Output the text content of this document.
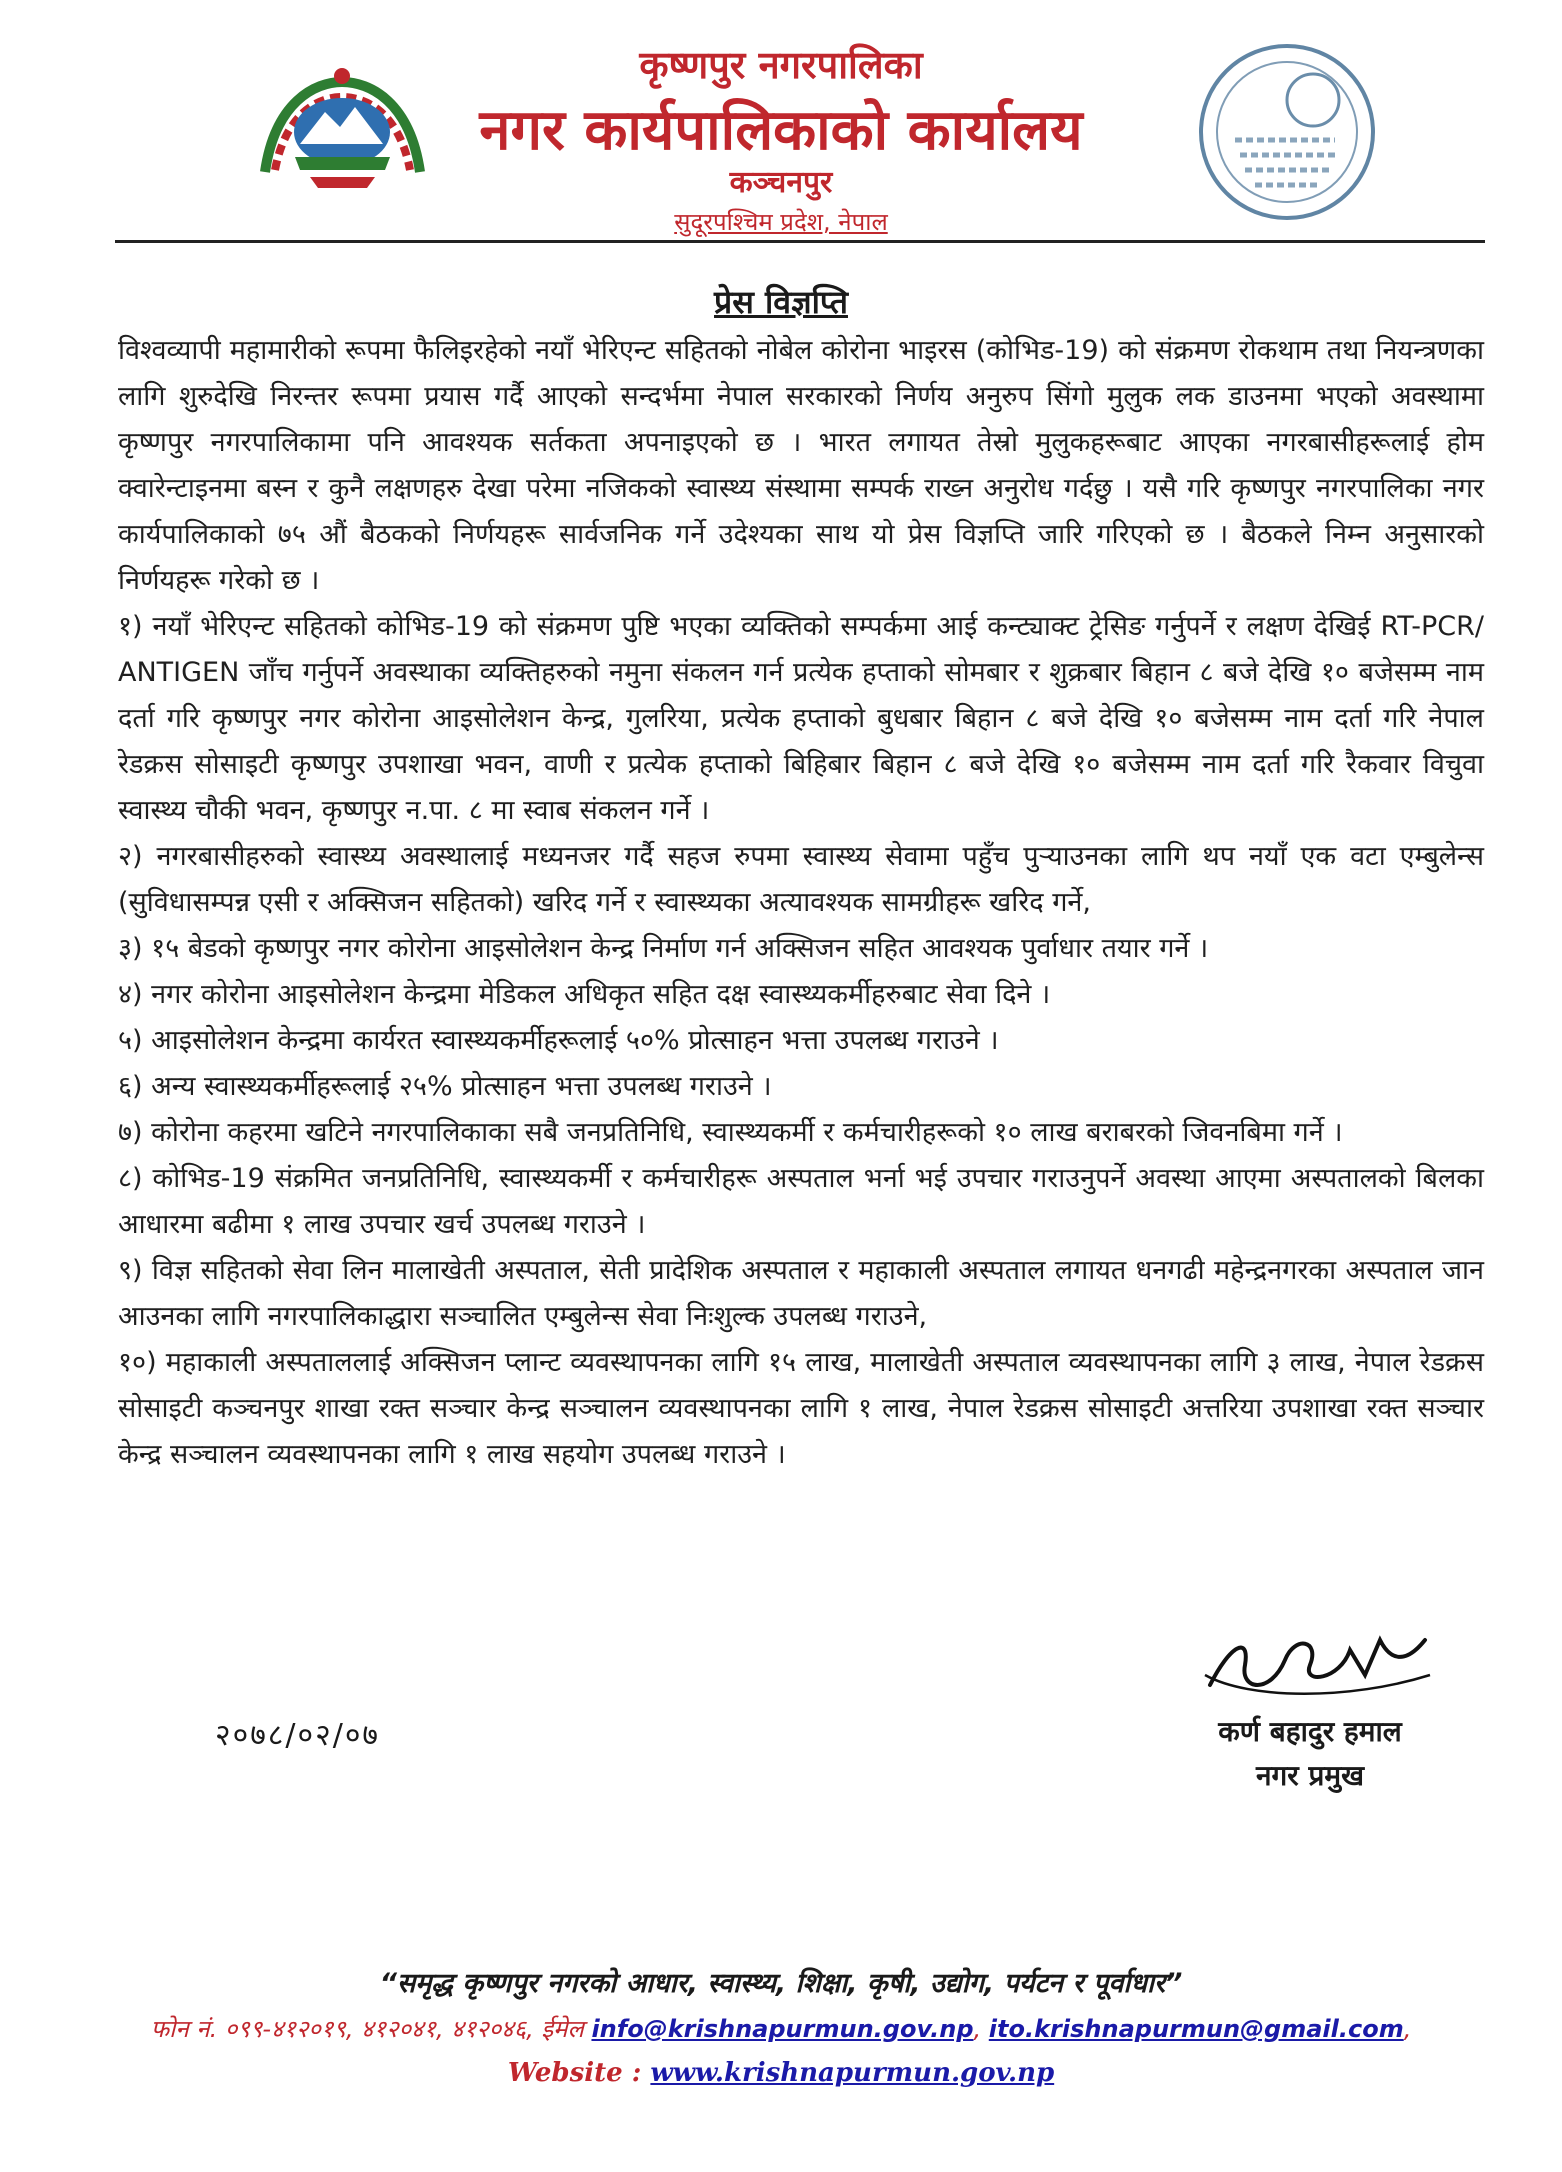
कृष्णपुर नगरपालिका
नगर कार्यपालिकाको कार्यालय
कञ्चनपुर
सुदूरपश्चिम प्रदेश, नेपाल
प्रेस विज्ञप्ति

विश्वव्यापी महामारीको रूपमा फैलिइरहेको नयाँ भेरिएन्ट सहितको नोबेल कोरोना भाइरस (कोभिड-19) को संक्रमण रोकथाम तथा नियन्त्रणका लागि शुरुदेखि निरन्तर रूपमा प्रयास गर्दै आएको सन्दर्भमा नेपाल सरकारको निर्णय अनुरुप सिंगो मुलुक लक डाउनमा भएको अवस्थामा कृष्णपुर नगरपालिकामा पनि आवश्यक सर्तकता अपनाइएको छ । भारत लगायत तेस्रो मुलुकहरूबाट आएका नगरबासीहरूलाई होम क्वारेन्टाइनमा बस्न र कुनै लक्षणहरु देखा परेमा नजिकको स्वास्थ्य संस्थामा सम्पर्क राख्न अनुरोध गर्दछु । यसै गरि कृष्णपुर नगरपालिका नगर कार्यपालिकाको ७५ औं बैठकको निर्णयहरू सार्वजनिक गर्ने उदेश्यका साथ यो प्रेस विज्ञप्ति जारि गरिएको छ । बैठकले निम्न अनुसारको निर्णयहरू गरेको छ ।

१) नयाँ भेरिएन्ट सहितको कोभिड-19 को संक्रमण पुष्टि भएका व्यक्तिको सम्पर्कमा आई कन्ट्याक्ट ट्रेसिङ गर्नुपर्ने र लक्षण देखिई RT-PCR/ ANTIGEN जाँच गर्नुपर्ने अवस्थाका व्यक्तिहरुको नमुना संकलन गर्न प्रत्येक हप्ताको सोमबार र शुक्रबार बिहान ८ बजे देखि १० बजेसम्म नाम दर्ता गरि कृष्णपुर नगर कोरोना आइसोलेशन केन्द्र, गुलरिया, प्रत्येक हप्ताको बुधबार बिहान ८ बजे देखि १० बजेसम्म नाम दर्ता गरि नेपाल रेडक्रस सोसाइटी कृष्णपुर उपशाखा भवन, वाणी र प्रत्येक हप्ताको बिहिबार बिहान ८ बजे देखि १० बजेसम्म नाम दर्ता गरि रैकवार विचुवा स्वास्थ्य चौकी भवन, कृष्णपुर न.पा. ८ मा स्वाब संकलन गर्ने ।

२) नगरबासीहरुको स्वास्थ्य अवस्थालाई मध्यनजर गर्दै सहज रुपमा स्वास्थ्य सेवामा पहुँच पुर्‍याउनका लागि थप नयाँ एक वटा एम्बुलेन्स (सुविधासम्पन्न एसी र अक्सिजन सहितको) खरिद गर्ने र स्वास्थ्यका अत्यावश्यक सामग्रीहरू खरिद गर्ने,

३) १५ बेडको कृष्णपुर नगर कोरोना आइसोलेशन केन्द्र निर्माण गर्न अक्सिजन सहित आवश्यक पुर्वाधार तयार गर्ने ।

४) नगर कोरोना आइसोलेशन केन्द्रमा मेडिकल अधिकृत सहित दक्ष स्वास्थ्यकर्मीहरुबाट सेवा दिने ।

५) आइसोलेशन केन्द्रमा कार्यरत स्वास्थ्यकर्मीहरूलाई ५०% प्रोत्साहन भत्ता उपलब्ध गराउने ।

६) अन्य स्वास्थ्यकर्मीहरूलाई २५% प्रोत्साहन भत्ता उपलब्ध गराउने ।

७) कोरोना कहरमा खटिने नगरपालिकाका सबै जनप्रतिनिधि, स्वास्थ्यकर्मी र कर्मचारीहरूको १० लाख बराबरको जिवनबिमा गर्ने ।

८) कोभिड-19 संक्रमित जनप्रतिनिधि, स्वास्थ्यकर्मी र कर्मचारीहरू अस्पताल भर्ना भई उपचार गराउनुपर्ने अवस्था आएमा अस्पतालको बिलका आधारमा बढीमा १ लाख उपचार खर्च उपलब्ध गराउने ।

९) विज्ञ सहितको सेवा लिन मालाखेती अस्पताल, सेती प्रादेशिक अस्पताल र महाकाली अस्पताल लगायत धनगढी महेन्द्रनगरका अस्पताल जान आउनका लागि नगरपालिकाद्धारा सञ्चालित एम्बुलेन्स सेवा निःशुल्क उपलब्ध गराउने,

१०) महाकाली अस्पताललाई अक्सिजन प्लान्ट व्यवस्थापनका लागि १५ लाख, मालाखेती अस्पताल व्यवस्थापनका लागि ३ लाख, नेपाल रेडक्रस सोसाइटी कञ्चनपुर शाखा रक्त सञ्चार केन्द्र सञ्चालन व्यवस्थापनका लागि १ लाख, नेपाल रेडक्रस सोसाइटी अत्तरिया उपशाखा रक्त सञ्चार केन्द्र सञ्चालन व्यवस्थापनका लागि १ लाख सहयोग उपलब्ध गराउने ।

२०७८/०२/०७	कर्ण बहादुर हमाल
नगर प्रमुख
“समृद्ध कृष्णपुर नगरको आधार, स्वास्थ्य, शिक्षा, कृषी, उद्योग, पर्यटन र पूर्वाधार”
फोन नं. ०९९-४१२०१९, ४१२०४१, ४१२०४६, ईमेल info@krishnapurmun.gov.np, ito.krishnapurmun@gmail.com,
Website : www.krishnapurmun.gov.np
